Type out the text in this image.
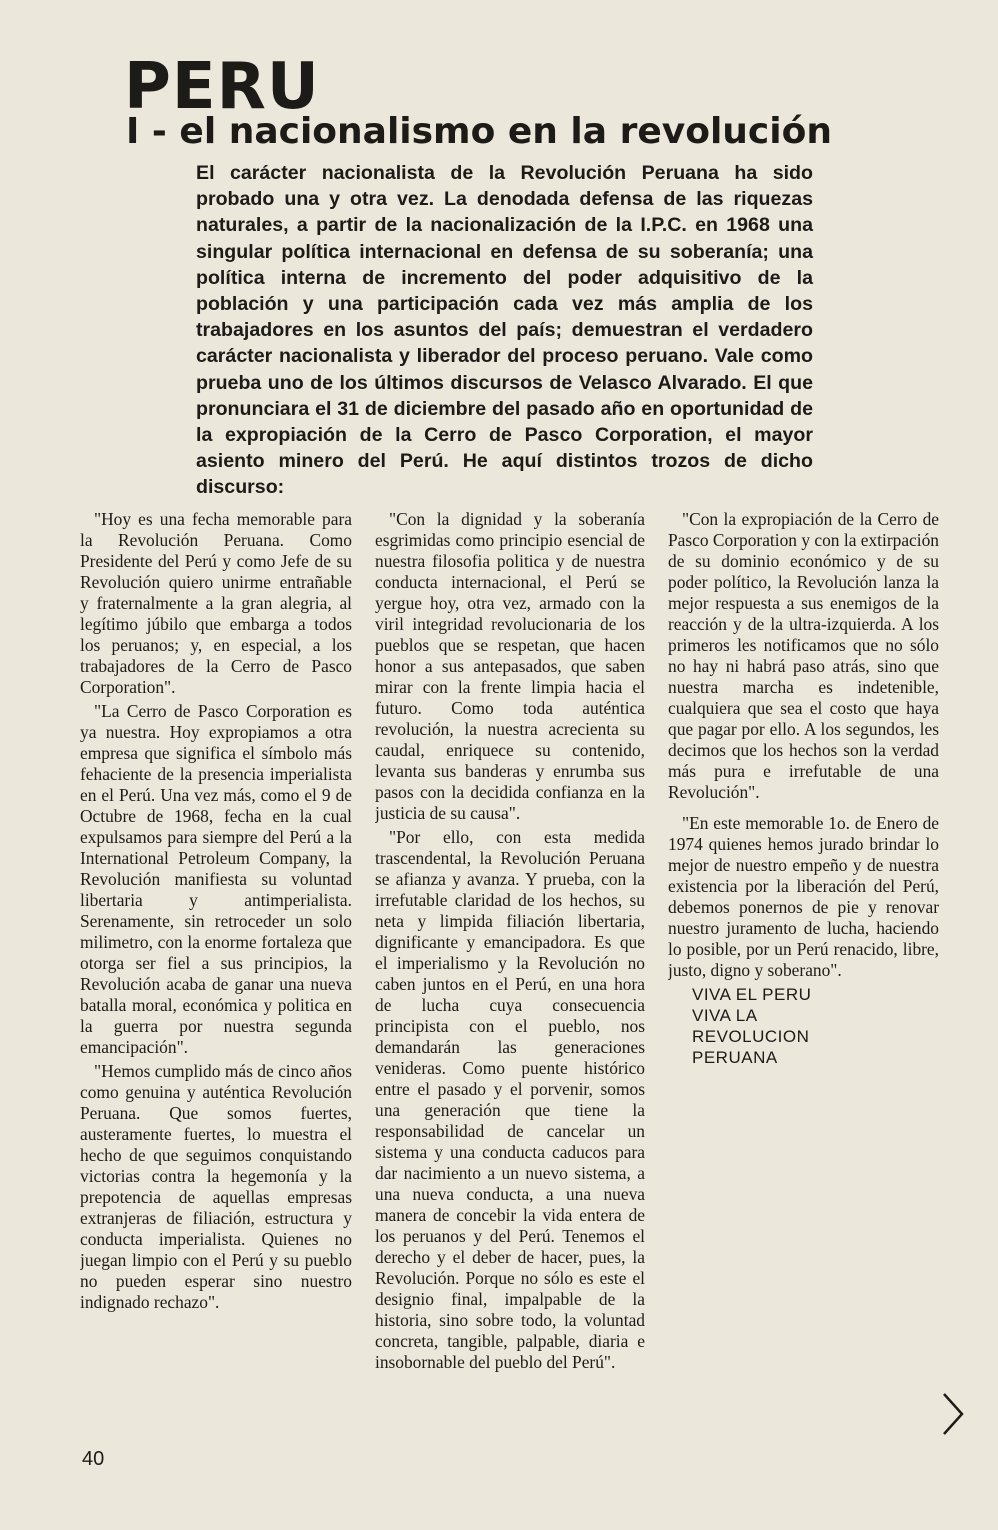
PERU
I - el nacionalismo en la revolución

El carácter nacionalista de la Revolución Peruana ha sido probado una y otra vez. La denodada defensa de las riquezas naturales, a partir de la nacionalización de la I.P.C. en 1968 una singular política internacional en defensa de su soberanía; una política interna de incremento del poder adquisitivo de la población y una participación cada vez más amplia de los trabajadores en los asuntos del país; demuestran el verdadero carácter nacionalista y liberador del proceso peruano. Vale como prueba uno de los últimos discursos de Velasco Alvarado. El que pronunciara el 31 de diciembre del pasado año en oportunidad de la expropiación de la Cerro de Pasco Corporation, el mayor asiento minero del Perú. He aquí distintos trozos de dicho discurso:

"Hoy es una fecha memorable para la Revolución Peruana. Como Presidente del Perú y como Jefe de su Revolución quiero unirme entrañable y fraternalmente a la gran alegria, al legítimo júbilo que embarga a todos los peruanos; y, en especial, a los trabajadores de la Cerro de Pasco Corporation".

"La Cerro de Pasco Corporation es ya nuestra. Hoy expropiamos a otra empresa que significa el símbolo más fehaciente de la presencia imperialista en el Perú. Una vez más, como el 9 de Octubre de 1968, fecha en la cual expulsamos para siempre del Perú a la International Petroleum Company, la Revolución manifiesta su voluntad libertaria y antimperialista. Serenamente, sin retroceder un solo milimetro, con la enorme fortaleza que otorga ser fiel a sus principios, la Revolución acaba de ganar una nueva batalla moral, económica y politica en la guerra por nuestra segunda emancipación".

"Hemos cumplido más de cinco años como genuina y auténtica Revolución Peruana. Que somos fuertes, austeramente fuertes, lo muestra el hecho de que seguimos conquistando victorias contra la hegemonía y la prepotencia de aquellas empresas extranjeras de filiación, estructura y conducta imperialista. Quienes no juegan limpio con el Perú y su pueblo no pueden esperar sino nuestro indignado rechazo".

"Con la dignidad y la soberanía esgrimidas como principio esencial de nuestra filosofia politica y de nuestra conducta internacional, el Perú se yergue hoy, otra vez, armado con la viril integridad revolucionaria de los pueblos que se respetan, que hacen honor a sus antepasados, que saben mirar con la frente limpia hacia el futuro. Como toda auténtica revolución, la nuestra acrecienta su caudal, enriquece su contenido, levanta sus banderas y enrumba sus pasos con la decidida confianza en la justicia de su causa".

"Por ello, con esta medida trascendental, la Revolución Peruana se afianza y avanza. Y prueba, con la irrefutable claridad de los hechos, su neta y limpida filiación libertaria, dignificante y emancipadora. Es que el imperialismo y la Revolución no caben juntos en el Perú, en una hora de lucha cuya consecuencia principista con el pueblo, nos demandarán las generaciones venideras. Como puente histórico entre el pasado y el porvenir, somos una generación que tiene la responsabilidad de cancelar un sistema y una conducta caducos para dar nacimiento a un nuevo sistema, a una nueva conducta, a una nueva manera de concebir la vida entera de los peruanos y del Perú. Tenemos el derecho y el deber de hacer, pues, la Revolución. Porque no sólo es este el designio final, impalpable de la historia, sino sobre todo, la voluntad concreta, tangible, palpable, diaria e insobornable del pueblo del Perú".

"Con la expropiación de la Cerro de Pasco Corporation y con la extirpación de su dominio económico y de su poder político, la Revolución lanza la mejor respuesta a sus enemigos de la reacción y de la ultra-izquierda. A los primeros les notificamos que no sólo no hay ni habrá paso atrás, sino que nuestra marcha es indetenible, cualquiera que sea el costo que haya que pagar por ello. A los segundos, les decimos que los hechos son la verdad más pura e irrefutable de una Revolución".

"En este memorable 1o. de Enero de 1974 quienes hemos jurado brindar lo mejor de nuestro empeño y de nuestra existencia por la liberación del Perú, debemos ponernos de pie y renovar nuestro juramento de lucha, haciendo lo posible, por un Perú renacido, libre, justo, digno y soberano".

VIVA EL PERU
VIVA LA
REVOLUCION
PERUANA
40
